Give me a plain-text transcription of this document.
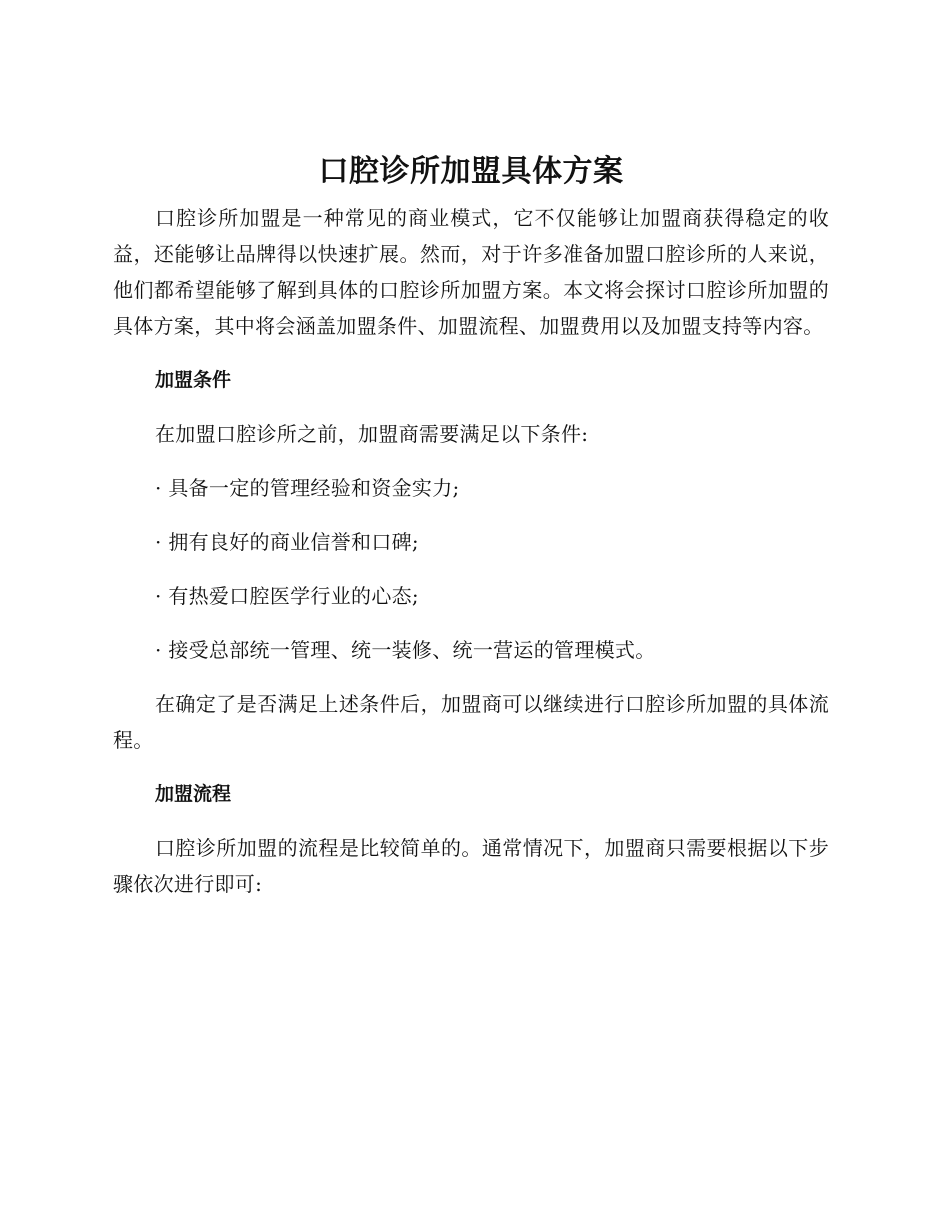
口腔诊所加盟具体方案

口腔诊所加盟是一种常见的商业模式，它不仅能够让加盟商获得稳定的收益，还能够让品牌得以快速扩展。然而，对于许多准备加盟口腔诊所的人来说，他们都希望能够了解到具体的口腔诊所加盟方案。本文将会探讨口腔诊所加盟的具体方案，其中将会涵盖加盟条件、加盟流程、加盟费用以及加盟支持等内容。

加盟条件

在加盟口腔诊所之前，加盟商需要满足以下条件:

· 具备一定的管理经验和资金实力;
· 拥有良好的商业信誉和口碑;
· 有热爱口腔医学行业的心态;
· 接受总部统一管理、统一装修、统一营运的管理模式。

在确定了是否满足上述条件后，加盟商可以继续进行口腔诊所加盟的具体流程。

加盟流程

口腔诊所加盟的流程是比较简单的。通常情况下，加盟商只需要根据以下步骤依次进行即可:
